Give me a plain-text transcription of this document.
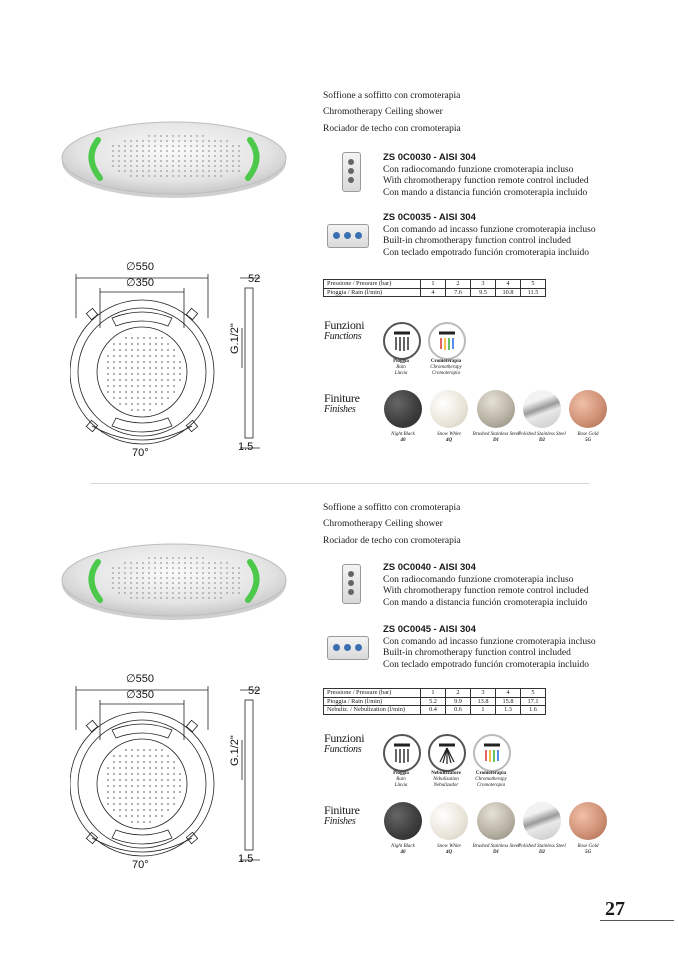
Soffione a soffitto con cromoterapia
Chromotherapy Ceiling shower
Rociador de techo con cromoterapia
ZS 0C0030 - AISI 304
Con radiocomando funzione cromoterapia incluso
With chromotherapy function remote control included
Con mando a distancia función cromoterapia incluido
ZS 0C0035 - AISI 304
Con comando ad incasso funzione cromoterapia incluso
Built-in chromotherapy function control included
Con teclado empotrado función cromoterapia incluido
Pressione / Pressure (bar)	1	2	3	4	5
Pioggia / Rain (l/min)	4	7.6	9.5	10.8	11.5
∅550
∅350	52
G.1/2"
70°	1.5
Funzioni
Functions
Pioggia
Rain
Lluvia
Cromoterapia
Chromotherapy
Cromoterapia
Finiture
Finishes
Night Black
40
Snow White
4Q
Brushed Stainless Steel
D1
Polished Stainless Steel
D2
Rose Gold
5G
Soffione a soffitto con cromoterapia
Chromotherapy Ceiling shower
Rociador de techo con cromoterapia
ZS 0C0040 - AISI 304
Con radiocomando funzione cromoterapia incluso
With chromotherapy function remote control included
Con mando a distancia función cromoterapia incluido
ZS 0C0045 - AISI 304
Con comando ad incasso funzione cromoterapia incluso
Built-in chromotherapy function control included
Con teclado empotrado función cromoterapia incluido
Pressione / Pressure (bar)	1	2	3	4	5
Pioggia / Rain (l/min)	5.2	9.9	13.8	15.8	17.1
Nebuliz. / Nebulization (l/min)	0.4	0.6	1	1.3	1.6
∅550
∅350	52
G.1/2"
70°	1.5
Funzioni
Functions
Pioggia
Rain
Lluvia
Nebulizzatore
Nebulization
Nebulizador
Cromoterapia
Chromotherapy
Cromoterapia
Finiture
Finishes
Night Black
40
Snow White
4Q
Brushed Stainless Steel
D1
Polished Stainless Steel
D2
Rose Gold
5G
27
